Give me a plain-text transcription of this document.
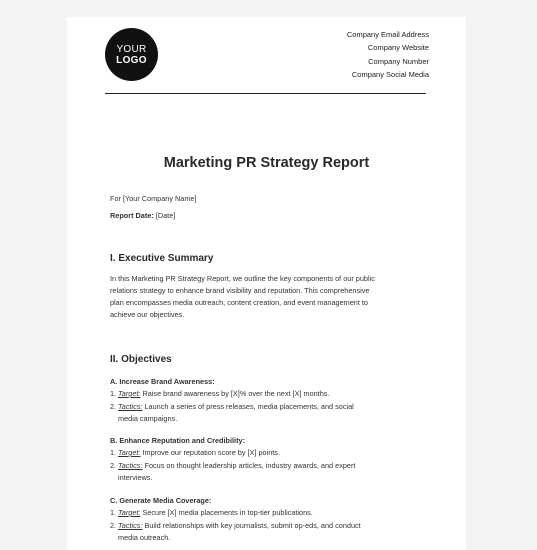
YOUR
LOGO
Company Email Address
Company Website
Company Number
Company Social Media
Marketing PR Strategy Report
For [Your Company Name]
Report Date: [Date]
I. Executive Summary
In this Marketing PR Strategy Report, we outline the key components of our public
relations strategy to enhance brand visibility and reputation. This comprehensive
plan encompasses media outreach, content creation, and event management to
achieve our objectives.
II. Objectives
A. Increase Brand Awareness:
1. Target: Raise brand awareness by [X]% over the next [X] months.
2. Tactics: Launch a series of press releases, media placements, and social
media campaigns.
B. Enhance Reputation and Credibility:
1. Target: Improve our reputation score by [X] points.
2. Tactics: Focus on thought leadership articles, industry awards, and expert
interviews.
C. Generate Media Coverage:
1. Target: Secure [X] media placements in top-tier publications.
2. Tactics: Build relationships with key journalists, submit op-eds, and conduct
media outreach.
